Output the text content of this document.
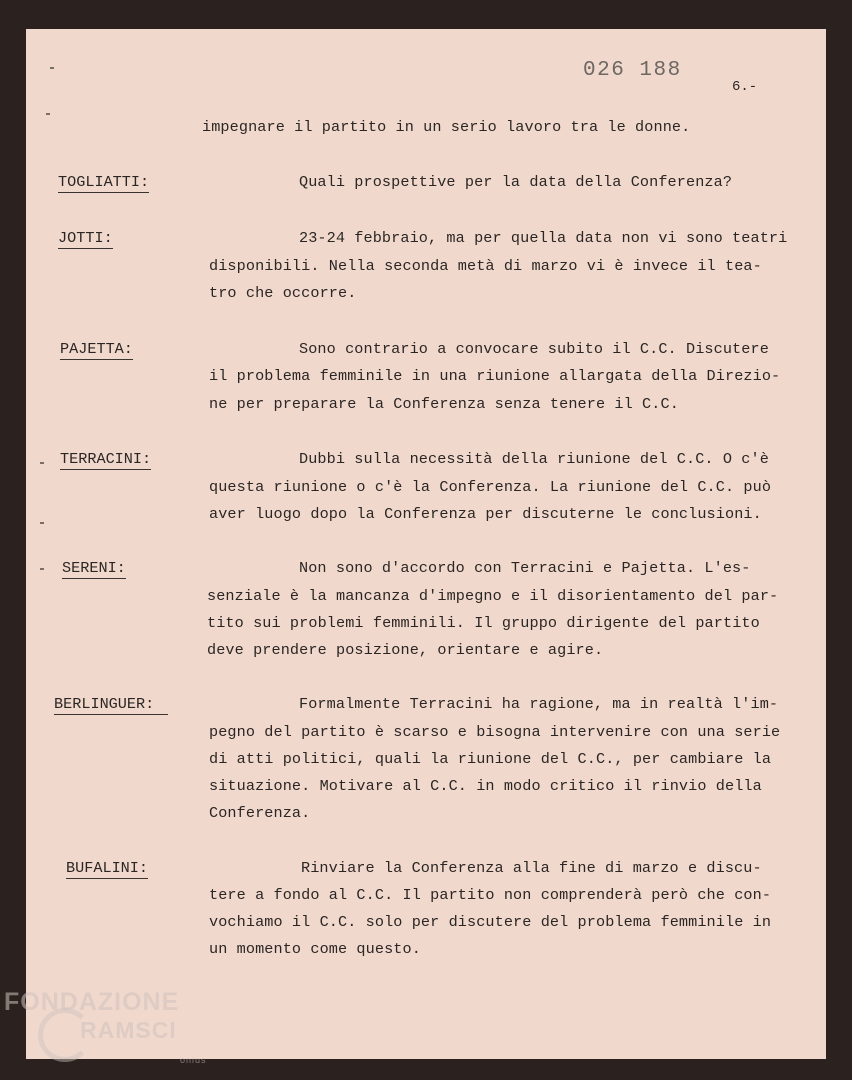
026 188
6.-
impegnare il partito in un serio lavoro tra le donne.
TOGLIATTI:	Quali prospettive per la data della Conferenza?
JOTTI:	23-24 febbraio, ma per quella data non vi sono teatri
disponibili. Nella seconda metà di marzo vi è invece il tea-
tro che occorre.
PAJETTA:	Sono contrario a convocare subito il C.C. Discutere
il problema femminile in una riunione allargata della Direzio-
ne per preparare la Conferenza senza tenere il C.C.
TERRACINI:	Dubbi sulla necessità della riunione del C.C. O c'è
questa riunione o c'è la Conferenza. La riunione del C.C. può
aver luogo dopo la Conferenza per discuterne le conclusioni.
SERENI:	Non sono d'accordo con Terracini e Pajetta. L'es-
senziale è la mancanza d'impegno e il disorientamento del par-
tito sui problemi femminili. Il gruppo dirigente del partito
deve prendere posizione, orientare e agire.
BERLINGUER:	Formalmente Terracini ha ragione, ma in realtà l'im-
pegno del partito è scarso e bisogna intervenire con una serie
di atti politici, quali la riunione del C.C., per cambiare la
situazione. Motivare al C.C. in modo critico il rinvio della
Conferenza.
BUFALINI:	Rinviare la Conferenza alla fine di marzo e discu-
tere a fondo al C.C. Il partito non comprenderà però che con-
vochiamo il C.C. solo per discutere del problema femminile in
un momento come questo.
FONDAZIONE
RAMSCI
onlus
